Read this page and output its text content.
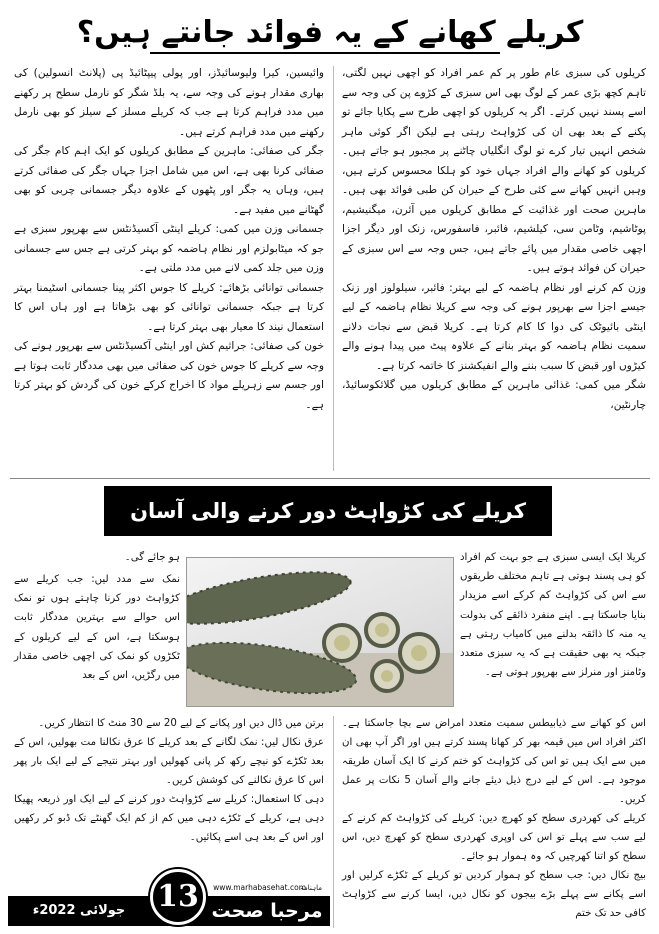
کریلے کھانے کے یہ فوائد جانتے ہیں؟

کریلوں کی سبزی عام طور پر کم عمر افراد کو اچھی نہیں لگتی، تاہم کچھ بڑی عمر کے لوگ بھی اس سبزی کے کڑوے پن کی وجہ سے اسے پسند نہیں کرتے۔ اگر یہ کریلوں کو اچھی طرح سے پکایا جائے تو پکنے کے بعد بھی ان کی کڑواہٹ رہتی ہے لیکن اگر کوئی ماہر شخص انہیں تیار کرے تو لوگ انگلیاں چاٹنے پر مجبور ہو جاتے ہیں۔ کریلوں کو کھانے والے افراد جہاں خود کو ہلکا محسوس کرتے ہیں، وہیں انہیں کھانے سے کئی طرح کے حیران کن طبی فوائد بھی ہیں۔ ماہرین صحت اور غذائیت کے مطابق کریلوں میں آئرن، میگنیشیم، پوٹاشیم، وٹامن سی، کیلشیم، فائبر، فاسفورس، زنک اور دیگر اجزا اچھی خاصی مقدار میں پائے جاتے ہیں، جس وجہ سے اس سبزی کے حیران کن فوائد ہوتے ہیں۔

وزن کم کرنے اور نظام ہاضمہ کے لیے بہتر: فائبر، سیلولوز اور زنک جیسے اجزا سے بھرپور ہونے کی وجہ سے کریلا نظام ہاضمہ کے لیے اینٹی بائیوٹک کی دوا کا کام کرتا ہے۔ کریلا قبض سے نجات دلانے سمیت نظام ہاضمہ کو بہتر بنانے کے علاوہ پیٹ میں پیدا ہونے والے کیڑوں اور قبض کا سبب بننے والے انفیکشنز کا خاتمہ کرتا ہے۔

شگر میں کمی: غذائی ماہرین کے مطابق کریلوں میں گلائکوسائیڈ، چارنٹین،

وائیسین، کیرا ولیوسائیڈز، اور پولی پیپٹائیڈ پی (پلانٹ انسولین) کی بھاری مقدار ہونے کی وجہ سے، یہ بلڈ شگر کو نارمل سطح پر رکھنے میں مدد فراہم کرتا ہے جب کہ کریلے مسلز کے سیلز کو بھی نارمل رکھنے میں مدد فراہم کرتے ہیں۔

جگر کی صفائی: ماہرین کے مطابق کریلوں کو ایک اہم کام جگر کی صفائی کرنا بھی ہے، اس میں شامل اجزا جہاں جگر کی صفائی کرتے ہیں، وہاں یہ جگر اور پٹھوں کے علاوہ دیگر جسمانی چربی کو بھی گھٹانے میں مفید ہے۔

جسمانی وزن میں کمی: کریلے اینٹی آکسیڈنٹس سے بھرپور سبزی ہے جو کہ میٹابولزم اور نظام ہاضمہ کو بہتر کرتی ہے جس سے جسمانی وزن میں جلد کمی لانے میں مدد ملتی ہے۔

جسمانی توانائی بڑھائے: کریلے کا جوس اکثر پینا جسمانی اسٹیمنا بہتر کرتا ہے جبکہ جسمانی توانائی کو بھی بڑھاتا ہے اور ہاں اس کا استعمال نیند کا معیار بھی بہتر کرتا ہے۔

خون کی صفائی: جراثیم کش اور اینٹی آکسیڈنٹس سے بھرپور ہونے کی وجہ سے کریلے کا جوس خون کی صفائی میں بھی مددگار ثابت ہوتا ہے اور جسم سے زہریلے مواد کا اخراج کرکے خون کی گردش کو بہتر کرتا ہے۔

کریلے کی کڑواہٹ دور کرنے والی آسان
کریلا ایک ایسی سبزی ہے جو بہت کم افراد کو ہی پسند ہوتی ہے تاہم مختلف طریقوں سے اس کی کڑواہٹ کم کرکے اسے مزیدار بنایا جاسکتا ہے۔ اپنے منفرد ذائقے کی بدولت یہ منہ کا ذائقہ بدلنے میں کامیاب رہتی ہے جبکہ یہ بھی حقیقت ہے کہ یہ سبزی متعدد وٹامنز اور منرلز سے بھرپور ہوتی ہے۔
ہو جائے گی۔
نمک سے مدد لیں: جب کریلے سے کڑواہٹ دور کرنا چاہتے ہوں تو نمک اس حوالے سے بہترین مددگار ثابت ہوسکتا ہے، اس کے لیے کریلوں کے ٹکڑوں کو نمک کی اچھی خاصی مقدار میں رگڑیں، اس کے بعد

اس کو کھانے سے ذیابیطس سمیت متعدد امراض سے بچا جاسکتا ہے۔ اکثر افراد اس میں قیمہ بھر کر کھانا پسند کرتے ہیں اور اگر آپ بھی ان میں سے ایک ہیں تو اس کی کڑواہٹ کو ختم کرنے کا ایک آسان طریقہ موجود ہے۔ اس کے لیے درج ذیل دیئے جانے والے آسان 5 نکات پر عمل کریں۔

کریلے کی کھردری سطح کو کھرچ دیں: کریلے کی کڑواہٹ کم کرنے کے لیے سب سے پہلے تو اس کی اوپری کھردری سطح کو کھرچ دیں، اس سطح کو اتنا کھرچیں کہ وہ ہموار ہو جائے۔

بیج نکال دیں: جب سطح کو ہموار کردیں تو کریلے کے ٹکڑے کرلیں اور اسے پکانے سے پہلے بڑے بیجوں کو نکال دیں، ایسا کرنے سے کڑواہٹ کافی حد تک ختم

برتن میں ڈال دیں اور پکانے کے لیے 20 سے 30 منٹ کا انتظار کریں۔

عرق نکال لیں: نمک لگانے کے بعد کریلے کا عرق نکالنا مت بھولیں، اس کے بعد ٹکڑے کو نیچے رکھ کر پانی کھولیں اور بہتر نتیجے کے لیے ایک بار پھر اس کا عرق نکالنے کی کوشش کریں۔

دہی کا استعمال: کریلے سے کڑواہٹ دور کرنے کے لیے ایک اور ذریعہ پھیکا دہی ہے، کریلے کے ٹکڑے دہی میں کم از کم ایک گھنٹے تک ڈبو کر رکھیں اور اس کے بعد ہی اسے پکائیں۔

www.marhabasehat.com
ماہنامہ
مرحبا صحت
جولائی 2022ء	13
